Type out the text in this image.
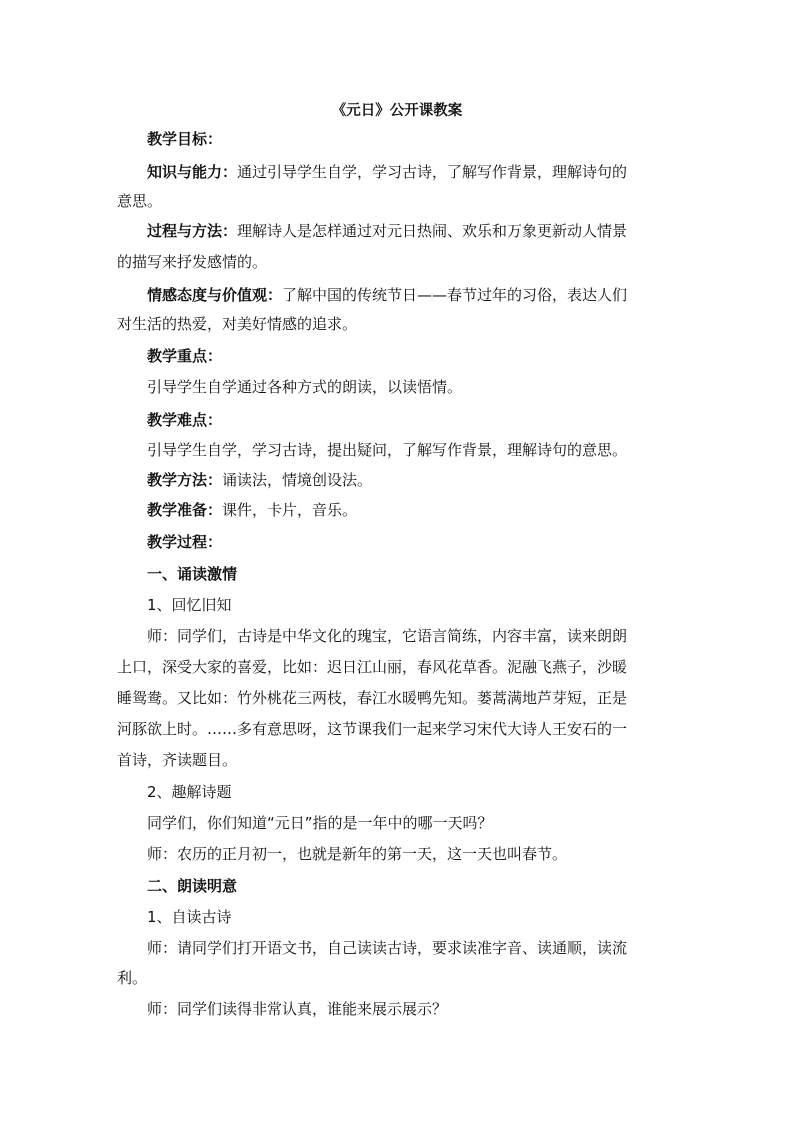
《元日》公开课教案
教学目标：
知识与能力：通过引导学生自学，学习古诗，了解写作背景，理解诗句的
意思。
过程与方法：理解诗人是怎样通过对元日热闹、欢乐和万象更新动人情景
的描写来抒发感情的。
情感态度与价值观：了解中国的传统节日——春节过年的习俗，表达人们
对生活的热爱，对美好情感的追求。
教学重点：
引导学生自学通过各种方式的朗读，以读悟情。
教学难点：
引导学生自学，学习古诗，提出疑问，了解写作背景，理解诗句的意思。
教学方法：诵读法，情境创设法。
教学准备：课件，卡片，音乐。
教学过程：
一、诵读激情
1、回忆旧知
师：同学们，古诗是中华文化的瑰宝，它语言简练，内容丰富，读来朗朗
上口，深受大家的喜爱，比如：迟日江山丽，春风花草香。泥融飞燕子，沙暖
睡鸳鸯。又比如：竹外桃花三两枝，春江水暖鸭先知。蒌蒿满地芦芽短，正是
河豚欲上时。……多有意思呀，这节课我们一起来学习宋代大诗人王安石的一
首诗，齐读题目。
2、趣解诗题
同学们，你们知道“元日”指的是一年中的哪一天吗？
师：农历的正月初一，也就是新年的第一天，这一天也叫春节。
二、朗读明意
1、自读古诗
师：请同学们打开语文书，自己读读古诗，要求读准字音、读通顺，读流
利。
师：同学们读得非常认真，谁能来展示展示？
